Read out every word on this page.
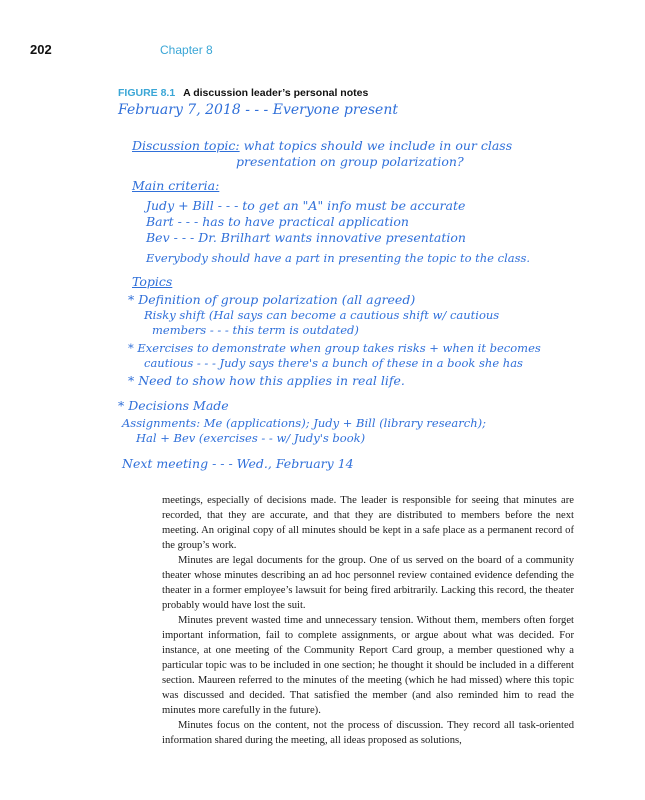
202	Chapter 8
FIGURE 8.1 A discussion leader’s personal notes
February 7, 2018 - - - Everyone present
Discussion topic: what topics should we include in our class
presentation on group polarization?
Main criteria:
Judy + Bill - - - to get an "A" info must be accurate
Bart - - - has to have practical application
Bev - - - Dr. Brilhart wants innovative presentation
Everybody should have a part in presenting the topic to the class.
Topics
* Definition of group polarization (all agreed)
Risky shift (Hal says can become a cautious shift w/ cautious
members - - - this term is outdated)
* Exercises to demonstrate when group takes risks + when it becomes
cautious - - - Judy says there's a bunch of these in a book she has
* Need to show how this applies in real life.
* Decisions Made
Assignments: Me (applications); Judy + Bill (library research);
Hal + Bev (exercises - - w/ Judy's book)
Next meeting - - - Wed., February 14

meetings, especially of decisions made. The leader is responsible for seeing that minutes are recorded, that they are accurate, and that they are distributed to members before the next meeting. An original copy of all minutes should be kept in a safe place as a permanent record of the group’s work.

Minutes are legal documents for the group. One of us served on the board of a community theater whose minutes describing an ad hoc personnel review contained evidence defending the theater in a former employee’s lawsuit for being fired arbitrarily. Lacking this record, the theater probably would have lost the suit.

Minutes prevent wasted time and unnecessary tension. Without them, members often forget important information, fail to complete assignments, or argue about what was decided. For instance, at one meeting of the Community Report Card group, a member questioned why a particular topic was to be included in one section; he thought it should be included in a different section. Maureen referred to the minutes of the meeting (which he had missed) where this topic was discussed and decided. That satisfied the member (and also reminded him to read the minutes more carefully in the future).

Minutes focus on the content, not the process of discussion. They record all task-oriented information shared during the meeting, all ideas proposed as solutions,
